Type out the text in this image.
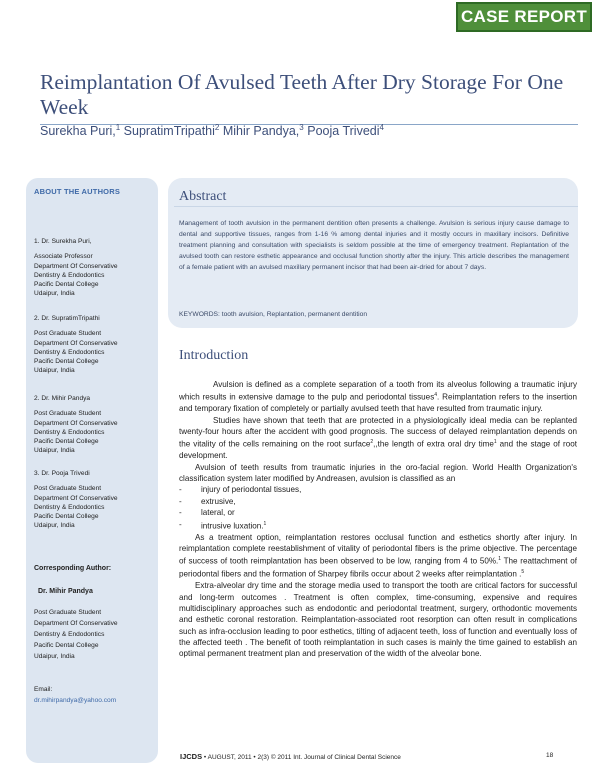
CASE REPORT
Reimplantation Of Avulsed Teeth After Dry Storage For One Week
Surekha Puri,$^1$ SupratimTripathi$^2$ Mihir Pandya,$^3$ Pooja Trivedi$^4$
ABOUT THE AUTHORS
1. Dr. Surekha Puri,
Associate Professor
Department Of Conservative
Dentistry & Endodontics
Pacific Dental College
Udaipur, India
2. Dr. SupratimTripathi
Post Graduate Student
Department Of Conservative
Dentistry & Endodontics
Pacific Dental College
Udaipur, India
2. Dr. Mihir Pandya
Post Graduate Student
Department Of Conservative
Dentistry & Endodontics
Pacific Dental College
Udaipur, India
3. Dr. Pooja Trivedi
Post Graduate Student
Department Of Conservative
Dentistry & Endodontics
Pacific Dental College
Udaipur, India
Corresponding Author:
Dr. Mihir Pandya
Post Graduate Student
Department Of Conservative
Dentistry & Endodontics
Pacific Dental College
Udaipur, India
Email:
dr.mihirpandya@yahoo.com
Abstract
Management of tooth avulsion in the permanent dentition often presents a challenge. Avulsion is serious injury cause damage to dental and supportive tissues, ranges from 1-16 % among dental injuries and it mostly occurs in maxillary incisors. Definitive treatment planning and consultation with specialists is seldom possible at the time of emergency treatment. Replantation of the avulsed tooth can restore esthetic appearance and occlusal function shortly after the injury. This article describes the management of a female patient with an avulsed maxillary permanent incisor that had been air-dried for about 7 days.
KEYWORDS: tooth avulsion, Replantation, permanent dentition
Introduction

Avulsion is defined as a complete separation of a tooth from its alveolus following a traumatic injury which results in extensive damage to the pulp and periodontal tissues$^4$. Reimplantation refers to the insertion and temporary fixation of completely or partially avulsed teeth that have resulted from traumatic injury.

Studies have shown that teeth that are protected in a physiologically ideal media can be replanted twenty-four hours after the accident with good prognosis. The success of delayed reimplantation depends on the vitality of the cells remaining on the root surface$^2$,,the length of extra oral dry time$^1$ and the stage of root development.

Avulsion of teeth results from traumatic injuries in the oro-facial region. World Health Organization's classification system later modified by Andreasen, avulsion is classified as an

- injury of periodontal tissues,
- extrusive,
- lateral, or
- intrusive luxation.$^1$

As a treatment option, reimplantation restores occlusal function and esthetics shortly after injury. In reimplantation complete reestablishment of vitality of periodontal fibers is the prime objective. The percentage of success of tooth reimplantation has been observed to be low, ranging from 4 to 50%.$^1$ The reattachment of periodontal fibers and the formation of Sharpey fibrils occur about 2 weeks after reimplantation .$^5$

Extra-alveolar dry time and the storage media used to transport the tooth are critical factors for successful and long-term outcomes . Treatment is often complex, time-consuming, expensive and requires multidisciplinary approaches such as endodontic and periodontal treatment, surgery, orthodontic movements and esthetic coronal restoration. Reimplantation-associated root resorption can often result in complications such as infra-occlusion leading to poor esthetics, tilting of adjacent teeth, loss of function and eventually loss of the affected teeth . The benefit of tooth reimplantation in such cases is mainly the time gained to establish an optimal permanent treatment plan and preservation of the width of the alveolar bone.

IJCDS • AUGUST, 2011 • 2(3) © 2011 Int. Journal of Clinical Dental Science	18
